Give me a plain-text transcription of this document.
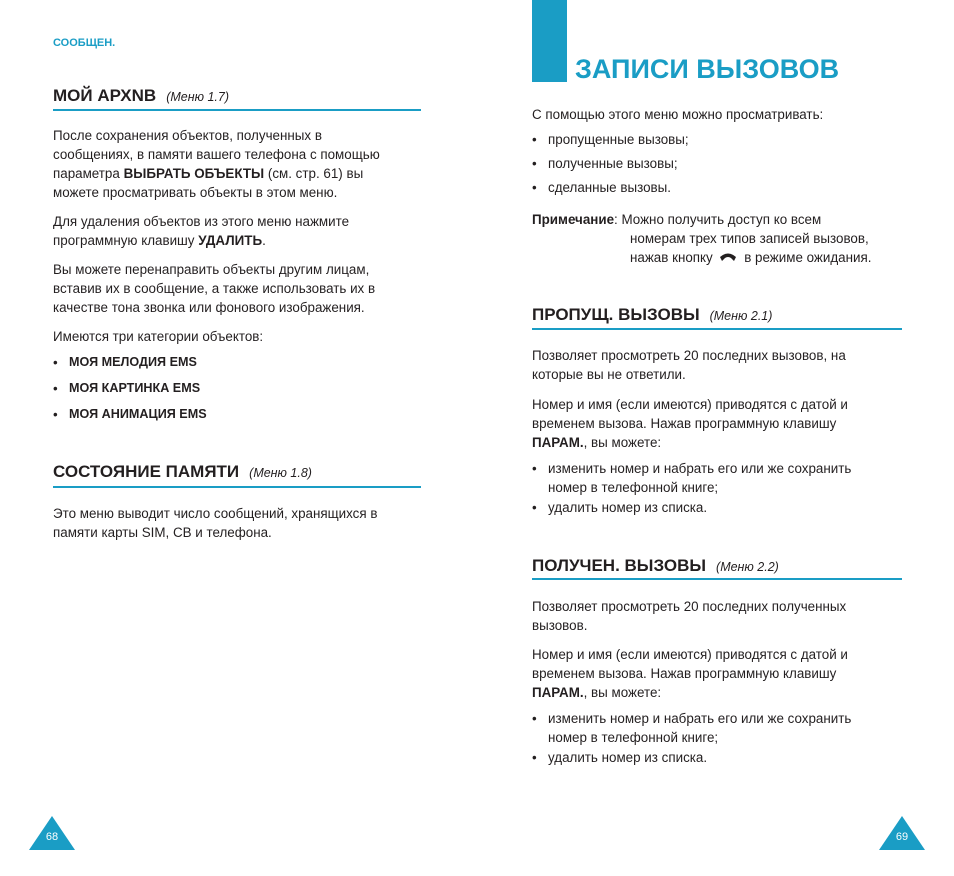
СООБЩЕН.
МОЙ АРХNB (Меню 1.7)
После сохранения объектов, полученных в
сообщениях, в памяти вашего телефона с помощью
параметра ВЫБРАТЬ ОБЪЕКТЫ (см. стр. 61) вы
можете просматривать объекты в этом меню.
Для удаления объектов из этого меню нажмите
программную клавишу УДАЛИТЬ.
Вы можете перенаправить объекты другим лицам,
вставив их в сообщение, а также использовать их в
качестве тона звонка или фонового изображения.
Имеются три категории объектов:
• МОЯ МЕЛОДИЯ EMS
• МОЯ КАРТИНКА EMS
• МОЯ АНИМАЦИЯ EMS
СОСТОЯНИЕ ПАМЯТИ (Меню 1.8)
Это меню выводит число сообщений, хранящихся в
памяти карты SIM, CB и телефона.
68
ЗАПИСИ ВЫЗОВОВ
С помощью этого меню можно просматривать:
• пропущенные вызовы;
• полученные вызовы;
• сделанные вызовы.
Примечание: Можно получить доступ ко всем
номерам трех типов записей вызовов,
нажав кнопку в режиме ожидания.
ПРОПУЩ. ВЫЗОВЫ (Меню 2.1)
Позволяет просмотреть 20 последних вызовов, на
которые вы не ответили.
Номер и имя (если имеются) приводятся с датой и
временем вызова. Нажав программную клавишу
ПАРАМ., вы можете:
• изменить номер и набрать его или же сохранить
номер в телефонной книге;
• удалить номер из списка.
ПОЛУЧЕН. ВЫЗОВЫ (Меню 2.2)
Позволяет просмотреть 20 последних полученных
вызовов.
Номер и имя (если имеются) приводятся с датой и
временем вызова. Нажав программную клавишу
ПАРАМ., вы можете:
• изменить номер и набрать его или же сохранить
номер в телефонной книге;
• удалить номер из списка.
69
